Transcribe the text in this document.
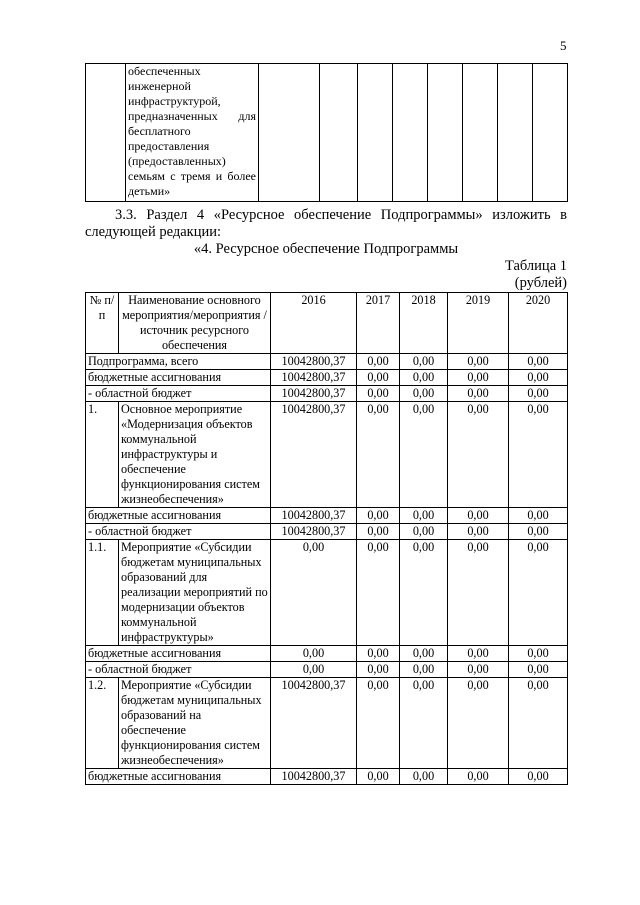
5
	обеспеченных инженерной инфраструктурой, предназначенных для бесплатного предоставления (предоставленных) семьям с тремя и более детьми»								
3.3. Раздел 4 «Ресурсное обеспечение Подпрограммы» изложить в следующей редакции:
«4. Ресурсное обеспечение Подпрограммы
Таблица 1
(рублей)
№ п/п	Наименование основного мероприятия/мероприятия /источник ресурсного обеспечения	2016	2017	2018	2019	2020
Подпрограмма, всего		10042800,37	0,00	0,00	0,00	0,00
бюджетные ассигнования		10042800,37	0,00	0,00	0,00	0,00
- областной бюджет		10042800,37	0,00	0,00	0,00	0,00
1.	Основное мероприятие «Модернизация объектов коммунальной инфраструктуры и обеспечение функционирования систем жизнеобеспечения»	10042800,37	0,00	0,00	0,00	0,00
бюджетные ассигнования		10042800,37	0,00	0,00	0,00	0,00
- областной бюджет		10042800,37	0,00	0,00	0,00	0,00
1.1.	Мероприятие «Субсидии бюджетам муниципальных образований для реализации мероприятий по модернизации объектов коммунальной инфраструктуры»	0,00	0,00	0,00	0,00	0,00
бюджетные ассигнования		0,00	0,00	0,00	0,00	0,00
- областной бюджет		0,00	0,00	0,00	0,00	0,00
1.2.	Мероприятие «Субсидии бюджетам муниципальных образований на обеспечение функционирования систем жизнеобеспечения»	10042800,37	0,00	0,00	0,00	0,00
бюджетные ассигнования		10042800,37	0,00	0,00	0,00	0,00
